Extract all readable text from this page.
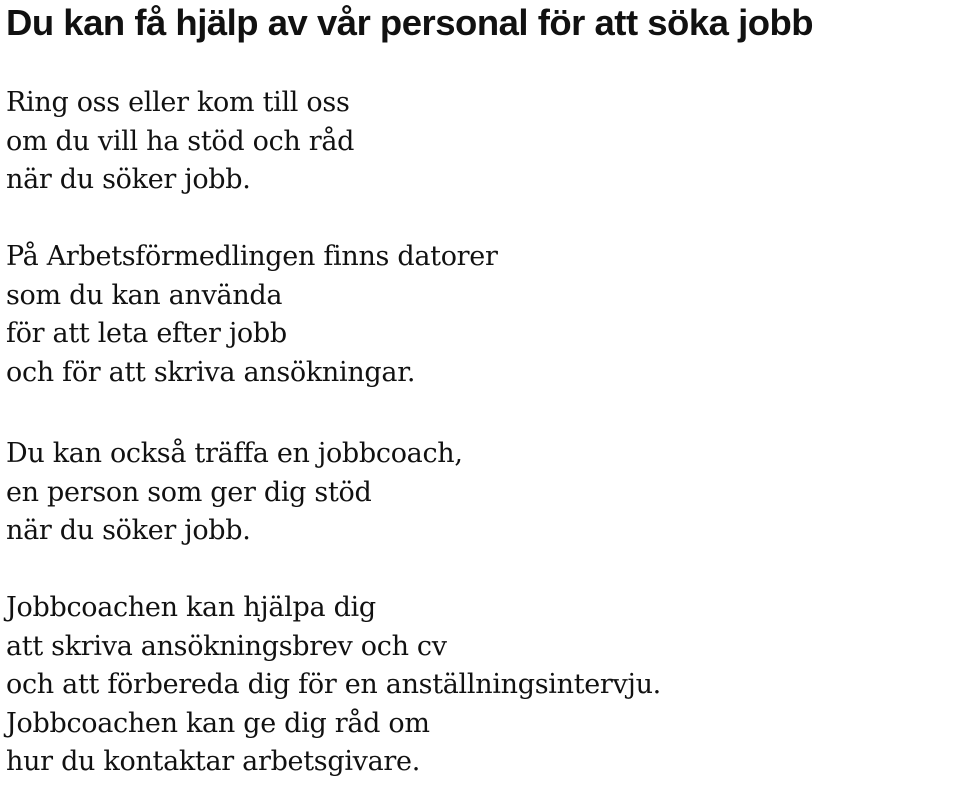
Du kan få hjälp av vår personal för att söka jobb

Ring oss eller kom till oss
om du vill ha stöd och råd
när du söker jobb.

På Arbetsförmedlingen finns datorer
som du kan använda
för att leta efter jobb
och för att skriva ansökningar.

Du kan också träffa en jobbcoach,
en person som ger dig stöd
när du söker jobb.

Jobbcoachen kan hjälpa dig
att skriva ansökningsbrev och cv
och att förbereda dig för en anställningsintervju.
Jobbcoachen kan ge dig råd om
hur du kontaktar arbetsgivare.
